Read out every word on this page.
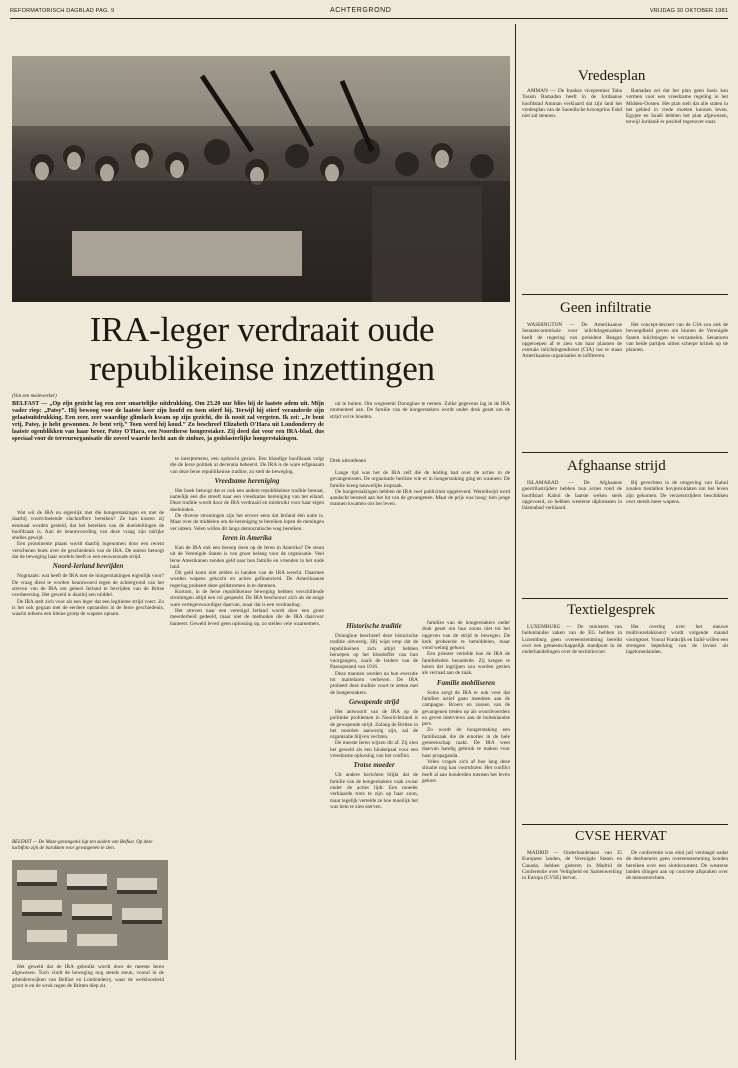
REFORMATORISCH DAGBLAD PAG. 9	ACHTERGROND	VRIJDAG 30 OKTOBER 1981
IRA-leger verdraait oude republikeinse inzettingen
(Van een medewerker)
BELFAST — „Op zijn gezicht lag een zeer smartelijke uitdrukking. Om 23.20 uur blies hij de laatste adem uit. Mijn vader riep: „Patsy”. Hij bewoog voor de laatste keer zijn hoofd en toen stierf hij. Terwijl hij stierf veranderde zijn gelaatsuitdrukking. Een zeer, zeer waardige glimlach kwam op zijn gezicht, die ik nooit zal vergeten. Ik zei: „Je bent vrij, Patsy, je hebt gewonnen. Je bent vrij.” Toen werd hij koud.” Zo beschreef Elizabeth O'Hara uit Londonderry de laatste ogenblikken van haar broer, Patsy O'Hara, een Noordierse hongerstaker. Zij deed dat voor een IRA-blad, dus speciaal voor de terreurorganisatie die zoveel waarde hecht aan de zinloze, ja godslasterlijke hongerstakingen.

Wat wil de IRA nu eigenlijk met die hongerstakingen en met de daarbij voortvloeiende slachtoffers bereiken? Ze hun kosten zij eenmaal worden gesteld, dat het bereiken van de doelstellingen de hoofdzaak is. Aan de beantwoording van deze vraag zijn talrijke studies gewijd.

Een prominente plaats wordt daarbij ingenomen door een recent verschenen boek over de geschiedenis van de IRA. De auteur betoogt dat de beweging haar wortels heeft in een eeuwenoude strijd.

Noord-Ierland bevrijden

Nogmaals: wat heeft de IRA met de hongerstakingen eigenlijk voor? De vraag dient te worden beantwoord tegen de achtergrond van het streven van de IRA om geheel Ierland te bevrijden van de Britse overheersing. Het geweld is daarbij een middel.

De IRA stelt zich voor als een leger dat een legitieme strijd voert. Zo is het ook gegaan met de eerdere opstanden in de Ierse geschiedenis, waarin telkens een kleine groep de wapens opnam.

BELFAST — De Maze-gevangenis ligt ten zuiden van Belfast. Op deze luchtfoto zijn de barakken voor gevangenen te zien.

Het geweld dat de IRA gebruikt wordt door de meeste Ieren afgewezen. Toch vindt de beweging nog steeds steun, vooral in de arbeiderswijken van Belfast en Londonderry, waar de werkloosheid groot is en de wrok tegen de Britten diep zit.

te interpreteren, een opdracht gezien. Een bloedige hoofdzaak volgt die de Ierse politiek al decennia beheerst. De IRA is de ware erfgenaam van deze Ierse republikeinse traditie, zo stelt de beweging.

Vreedzame hereniging

Het boek betoogt dat er ook een andere republikeinse traditie bestaat, namelijk een die streeft naar een vreedzame hereniging van het eiland. Deze traditie wordt door de IRA verdraaid en misbruikt voor haar eigen doeleinden.

De diverse stromingen zijn het erover eens dat Ierland één natie is. Maar over de middelen om de hereniging te bereiken lopen de meningen ver uiteen. Velen willen dit langs democratische weg bereiken.

Ieren in Amerika

Kan de IRA ook een beroep doen op de Ieren in Amerika? De steun uit de Verenigde Staten is van groot belang voor de organisatie. Veel Ierse Amerikanen zenden geld naar hun familie en vrienden in het oude land.

Dit geld komt niet zelden in handen van de IRA terecht. Daarmee worden wapens gekocht en acties gefinancierd. De Amerikaanse regering probeert deze geldstromen in te dammen.

Kortom, in de Ierse republikeinse beweging hebben verschillende stromingen altijd een rol gespeeld. De IRA beschouwt zich als de enige ware vertegenwoordiger daarvan, maar dat is een verdraaiing.

Het streven naar een verenigd Ierland wordt door een grote meerderheid gedeeld, maar niet de methoden die de IRA daarvoor hanteert. Geweld levert geen oplossing op, zo stellen vele waarnemers.

uit te buiten. Om wegneemt Donoghue te nemen. Zulke gegevens lag in de IRA momenteel aan. De familie van de hongerstakers wordt onder druk gezet om de strijd vol te houden.

Drek uitroefenen

Lange tijd was het de IRA zelf die de leiding had over de acties in de gevangenissen. De organisatie besliste wie er in hongerstaking ging en wanneer. De familie kreeg nauwelijks inspraak.

De hongerstakingen hebben de IRA veel publiciteit opgeleverd. Wereldwijd werd aandacht besteed aan het lot van de gevangenen. Maar de prijs was hoog: tien jonge mannen kwamen om het leven.

Historische traditie

Donoghue beschreef deze historische traditie uitvoerig. Hij wijst erop dat de republikeinen zich altijd hebben beroepen op het bloedoffer van hun voorgangers, zoals de leiders van de Paasopstand van 1916.

Deze mannen werden na hun executie tot martelaren verheven. De IRA probeert deze traditie voort te zetten met de hongerstakers.

Gewapende strijd

Het antwoord van de IRA op de politieke problemen in Noord-Ierland is de gewapende strijd. Zolang de Britten in het noorden aanwezig zijn, zal de organisatie blijven vechten.

De meeste Ieren wijzen dit af. Zij zien het geweld als een hinderpaal voor een vreedzame oplossing van het conflict.

Trotse moeder

Uit andere berichten blijkt dat de familie van de hongerstakers vaak zwaar onder de acties lijdt. Een moeder verklaarde trots te zijn op haar zoon, maar tegelijk vertelde ze hoe moeilijk het was hem te zien sterven.

families van de hongerstakers onder druk gezet om hun zoons niet tot het opgeven van de strijd te bewegen. De kerk probeerde te bemiddelen, maar vond weinig gehoor.

Een priester vertelde hoe de IRA de familieleden benaderde. Zij kregen te horen dat ingrijpen zou worden gezien als verraad aan de zaak.

Familie mobiliseren

Soms zorgt de IRA er ook voor dat families actief gaan meedoen aan de campagne. Broers en zussen van de gevangenen treden op als woordvoerders en geven interviews aan de buitenlandse pers.

Zo wordt de hongerstaking een familiezaak die de emoties in de hele gemeenschap raakt. De IRA weet daarvan handig gebruik te maken voor haar propaganda.

Velen vragen zich af hoe lang deze situatie nog kan voortduren. Het conflict heeft al aan honderden mensen het leven gekost.

Vredesplan

AMMAN — De Iraakse vicepremier Taha Yassin Ramadan heeft in de Jordaanse hoofdstad Amman verklaard dat zijn land het vredesplan van de Saoedische kroonprins Fahd niet zal steunen.

Ramadan zei dat het plan geen basis kan vormen voor een vreedzame regeling in het Midden-Oosten. Het plan stelt dat alle staten in het gebied in vrede moeten kunnen leven. Egypte en Israël hebben het plan afgewezen, terwijl Jordanië er positief tegenover staat.

Geen infiltratie

WASHINGTON — De Amerikaanse Senaatscommissie voor inlichtingenzaken heeft de regering van president Reagan opgeroepen af te zien van haar plannen de centrale inlichtingendienst (CIA) toe te staan Amerikaanse organisaties te infiltreren.

Het concept-decreet van de CIA zou ook de bevoegdheid geven om binnen de Verenigde Staten inlichtingen te verzamelen. Senatoren van beide partijen uitten scherpe kritiek op de plannen.

Afghaanse strijd

ISLAMABAD — De Afghaanse guerrillastrijders hebben hun acties rond de hoofdstad Kabul de laatste weken sterk opgevoerd, zo hebben westerse diplomaten in Islamabad verklaard.

Bij gevechten in de omgeving van Kabul zouden tientallen Sovjetsoldaten om het leven zijn gekomen. De verzetsstrijders beschikken over steeds meer wapens.

Textielgesprek

LUXEMBURG — De ministers van buitenlandse zaken van de EG hebben in Luxemburg geen overeenstemming bereikt over een gemeenschappelijk standpunt in de onderhandelingen over de textielinvoer.

Het overleg over het nieuwe multivezelakkoord wordt volgende maand voortgezet. Vooral Frankrijk en Italië willen een strengere beperking van de invoer uit lagelonenlanden.

CVSE HERVAT

MADRID — Onderhandelaars van 35 Europese landen, de Verenigde Staten en Canada, hebben gisteren in Madrid de Conferentie over Veiligheid en Samenwerking in Europa (CVSE) hervat.

De conferentie was eind juli verdaagd nadat de deelnemers geen overeenstemming konden bereiken over een slotdocument. De westerse landen dringen aan op concrete afspraken over de mensenrechten.
